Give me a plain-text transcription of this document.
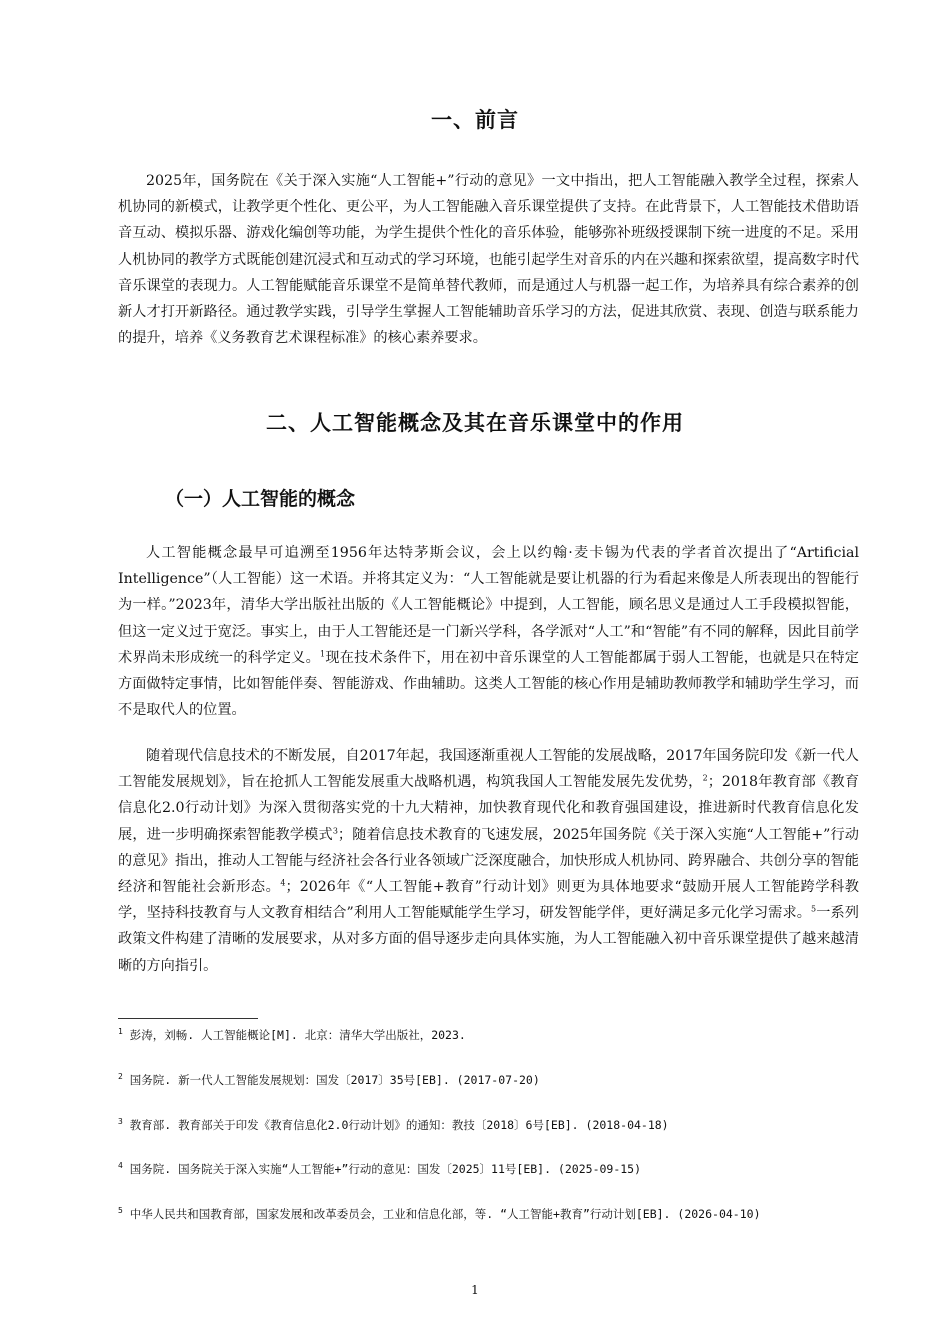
一、前言

2025年，国务院在《关于深入实施“人工智能+”行动的意见》一文中指出，把人工智能融入教学全过程，探索人机协同的新模式，让教学更个性化、更公平，为人工智能融入音乐课堂提供了支持。在此背景下，人工智能技术借助语音互动、模拟乐器、游戏化编创等功能，为学生提供个性化的音乐体验，能够弥补班级授课制下统一进度的不足。采用人机协同的教学方式既能创建沉浸式和互动式的学习环境，也能引起学生对音乐的内在兴趣和探索欲望，提高数字时代音乐课堂的表现力。人工智能赋能音乐课堂不是简单替代教师，而是通过人与机器一起工作，为培养具有综合素养的创新人才打开新路径。通过教学实践，引导学生掌握人工智能辅助音乐学习的方法，促进其欣赏、表现、创造与联系能力的提升，培养《义务教育艺术课程标准》的核心素养要求。

二、人工智能概念及其在音乐课堂中的作用
（一）人工智能的概念

人工智能概念最早可追溯至1956年达特茅斯会议，会上以约翰·麦卡锡为代表的学者首次提出了“Artificial Intelligence”（人工智能）这一术语。并将其定义为：“人工智能就是要让机器的行为看起来像是人所表现出的智能行为一样。”2023年，清华大学出版社出版的《人工智能概论》中提到，人工智能，顾名思义是通过人工手段模拟智能，但这一定义过于宽泛。事实上，由于人工智能还是一门新兴学科，各学派对“人工”和“智能”有不同的解释，因此目前学术界尚未形成统一的科学定义。$^1$现在技术条件下，用在初中音乐课堂的人工智能都属于弱人工智能，也就是只在特定方面做特定事情，比如智能伴奏、智能游戏、作曲辅助。这类人工智能的核心作用是辅助教师教学和辅助学生学习，而不是取代人的位置。

随着现代信息技术的不断发展，自2017年起，我国逐渐重视人工智能的发展战略，2017年国务院印发《新一代人工智能发展规划》，旨在抢抓人工智能发展重大战略机遇，构筑我国人工智能发展先发优势，$^2$；2018年教育部《教育信息化2.0行动计划》为深入贯彻落实党的十九大精神，加快教育现代化和教育强国建设，推进新时代教育信息化发展，进一步明确探索智能教学模式$^3$；随着信息技术教育的飞速发展，2025年国务院《关于深入实施“人工智能+”行动的意见》指出，推动人工智能与经济社会各行业各领域广泛深度融合，加快形成人机协同、跨界融合、共创分享的智能经济和智能社会新形态。$^4$；2026年《“人工智能+教育”行动计划》则更为具体地要求“鼓励开展人工智能跨学科教学，坚持科技教育与人文教育相结合”利用人工智能赋能学生学习，研发智能学伴，更好满足多元化学习需求。$^5$一系列政策文件构建了清晰的发展要求，从对多方面的倡导逐步走向具体实施，为人工智能融入初中音乐课堂提供了越来越清晰的方向指引。

$^1$ 彭涛，刘畅. 人工智能概论[M]. 北京：清华大学出版社，2023.

$^2$ 国务院. 新一代人工智能发展规划：国发〔2017〕35号[EB]. (2017-07-20)

$^3$ 教育部. 教育部关于印发《教育信息化2.0行动计划》的通知：教技〔2018〕6号[EB]. (2018-04-18)

$^4$ 国务院. 国务院关于深入实施“人工智能+”行动的意见：国发〔2025〕11号[EB]. (2025-09-15)

$^5$ 中华人民共和国教育部，国家发展和改革委员会，工业和信息化部，等. “人工智能+教育”行动计划[EB]. (2026-04-10)

1
